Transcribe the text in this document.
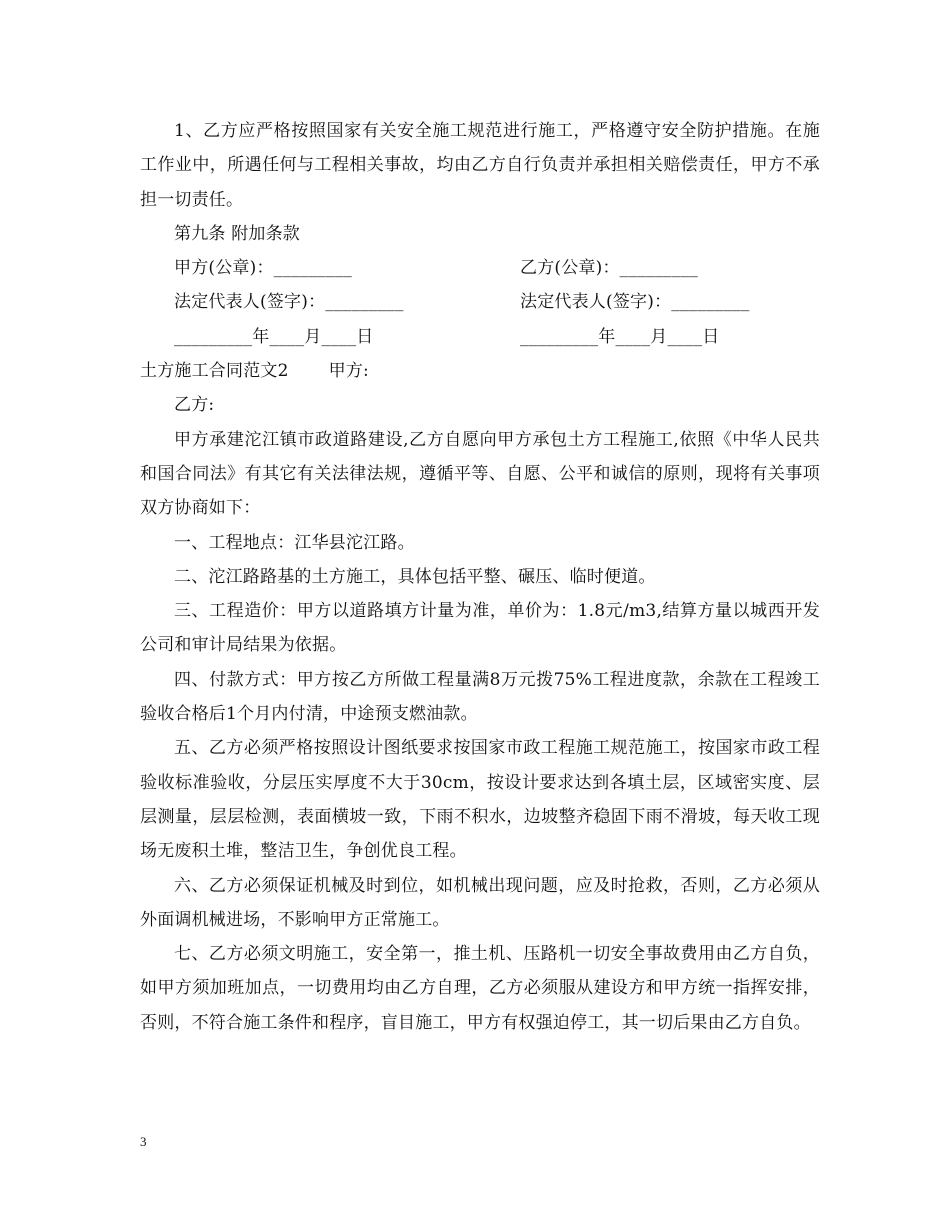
1、乙方应严格按照国家有关安全施工规范进行施工，严格遵守安全防护措施。在施工作业中，所遇任何与工程相关事故，均由乙方自行负责并承担相关赔偿责任，甲方不承担一切责任。

第九条 附加条款

甲方(公章)：_________	乙方(公章)：_________
法定代表人(签字)：_________	法定代表人(签字)：_________
_________年____月____日	_________年____月____日

土方施工合同范文2 甲方:

乙方:

甲方承建沱江镇市政道路建设,乙方自愿向甲方承包土方工程施工,依照《中华人民共和国合同法》有其它有关法律法规，遵循平等、自愿、公平和诚信的原则，现将有关事项双方协商如下：

一、工程地点：江华县沱江路。

二、沱江路路基的土方施工，具体包括平整、碾压、临时便道。

三、工程造价：甲方以道路填方计量为准，单价为：1.8元/m3,结算方量以城西开发公司和审计局结果为依据。

四、付款方式：甲方按乙方所做工程量满8万元拨75%工程进度款，余款在工程竣工验收合格后1个月内付清，中途预支燃油款。

五、乙方必须严格按照设计图纸要求按国家市政工程施工规范施工，按国家市政工程验收标准验收，分层压实厚度不大于30cm，按设计要求达到各填土层，区域密实度、层层测量，层层检测，表面横坡一致，下雨不积水，边坡整齐稳固下雨不滑坡，每天收工现场无废积土堆，整洁卫生，争创优良工程。

六、乙方必须保证机械及时到位，如机械出现问题，应及时抢救，否则，乙方必须从外面调机械进场，不影响甲方正常施工。

七、乙方必须文明施工，安全第一，推土机、压路机一切安全事故费用由乙方自负，如甲方须加班加点，一切费用均由乙方自理，乙方必须服从建设方和甲方统一指挥安排，否则，不符合施工条件和程序，盲目施工，甲方有权强迫停工，其一切后果由乙方自负。

3
